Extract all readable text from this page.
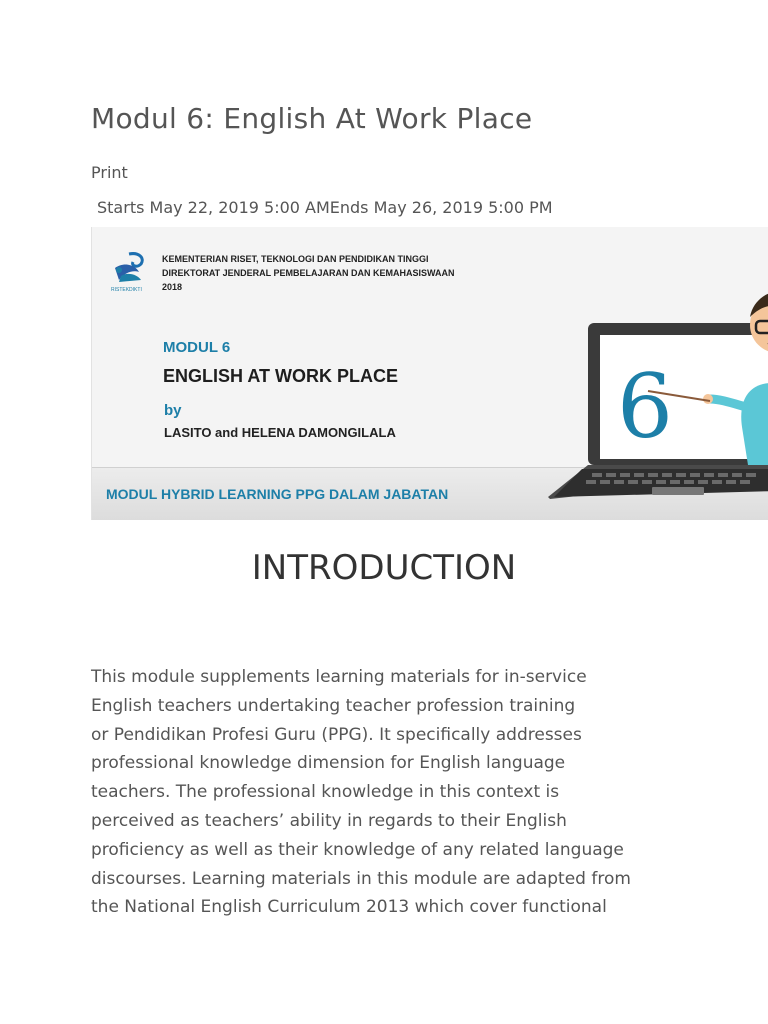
Modul 6: English At Work Place
Print
Starts May 22, 2019 5:00 AMEnds May 26, 2019 5:00 PM
RISTEKDIKTI
KEMENTERIAN RISET, TEKNOLOGI DAN PENDIDIKAN TINGGI
DIREKTORAT JENDERAL PEMBELAJARAN DAN KEMAHASISWAAN
2018
MODUL 6
ENGLISH AT WORK PLACE
by
LASITO and HELENA DAMONGILALA
MODUL HYBRID LEARNING PPG DALAM JABATAN
6
INTRODUCTION

This module supplements learning materials for in-service
English teachers undertaking teacher profession training
or Pendidikan Profesi Guru (PPG). It specifically addresses
professional knowledge dimension for English language
teachers. The professional knowledge in this context is
perceived as teachers’ ability in regards to their English
proficiency as well as their knowledge of any related language
discourses. Learning materials in this module are adapted from
the National English Curriculum 2013 which cover functional
